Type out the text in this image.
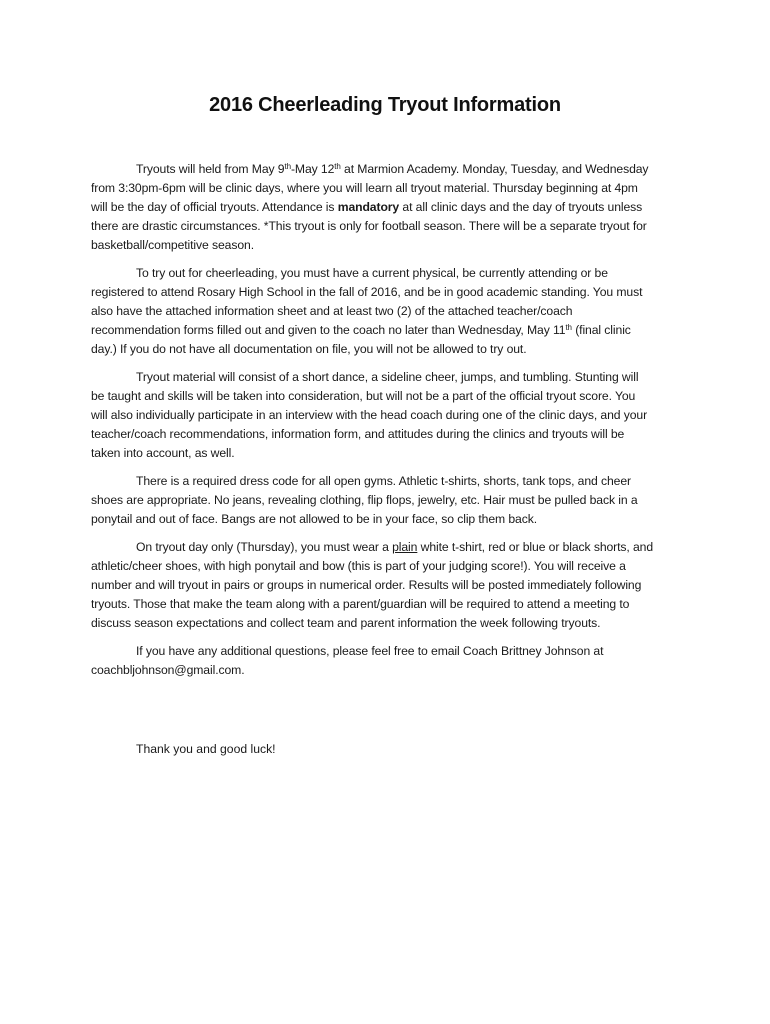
2016 Cheerleading Tryout Information

Tryouts will held from May 9th-May 12th at Marmion Academy. Monday, Tuesday, and Wednesday from 3:30pm-6pm will be clinic days, where you will learn all tryout material. Thursday beginning at 4pm will be the day of official tryouts. Attendance is mandatory at all clinic days and the day of tryouts unless there are drastic circumstances. *This tryout is only for football season. There will be a separate tryout for basketball/competitive season.

To try out for cheerleading, you must have a current physical, be currently attending or be registered to attend Rosary High School in the fall of 2016, and be in good academic standing. You must also have the attached information sheet and at least two (2) of the attached teacher/coach recommendation forms filled out and given to the coach no later than Wednesday, May 11th (final clinic day.) If you do not have all documentation on file, you will not be allowed to try out.

Tryout material will consist of a short dance, a sideline cheer, jumps, and tumbling. Stunting will be taught and skills will be taken into consideration, but will not be a part of the official tryout score. You will also individually participate in an interview with the head coach during one of the clinic days, and your teacher/coach recommendations, information form, and attitudes during the clinics and tryouts will be taken into account, as well.

There is a required dress code for all open gyms. Athletic t-shirts, shorts, tank tops, and cheer shoes are appropriate. No jeans, revealing clothing, flip flops, jewelry, etc. Hair must be pulled back in a ponytail and out of face. Bangs are not allowed to be in your face, so clip them back.

On tryout day only (Thursday), you must wear a plain white t-shirt, red or blue or black shorts, and athletic/cheer shoes, with high ponytail and bow (this is part of your judging score!). You will receive a number and will tryout in pairs or groups in numerical order. Results will be posted immediately following tryouts. Those that make the team along with a parent/guardian will be required to attend a meeting to discuss season expectations and collect team and parent information the week following tryouts.

If you have any additional questions, please feel free to email Coach Brittney Johnson at coachbljohnson@gmail.com.

Thank you and good luck!
